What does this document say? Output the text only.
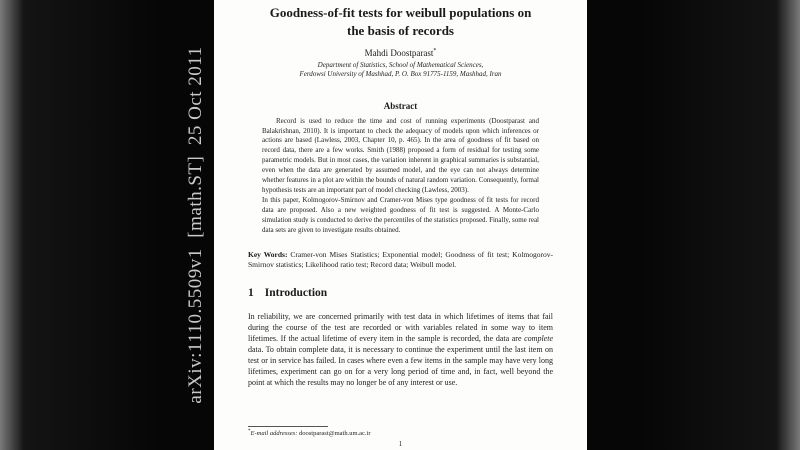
arXiv:1110.5509v1  [math.ST]  25 Oct 2011
Goodness-of-fit tests for weibull populations on
the basis of records
Mahdi Doostparast*
Department of Statistics, School of Mathematical Sciences,
Ferdowsi University of Mashhad, P. O. Box 91775-1159, Mashhad, Iran
Abstract

Record is used to reduce the time and cost of running experiments (Doostparast and Balakrishnan, 2010). It is important to check the adequacy of models upon which inferences or actions are based (Lawless, 2003, Chapter 10, p. 465). In the area of goodness of fit based on record data, there are a few works. Smith (1988) proposed a form of residual for testing some parametric models. But in most cases, the variation inherent in graphical summaries is substantial, even when the data are generated by assumed model, and the eye can not always determine whether features in a plot are within the bounds of natural random variation. Consequently, formal hypothesis tests are an important part of model checking (Lawless, 2003).

In this paper, Kolmogorov-Smirnov and Cramer-von Mises type goodness of fit tests for record data are proposed. Also a new weighted goodness of fit test is suggested. A Monte-Carlo simulation study is conducted to derive the percentiles of the statistics proposed. Finally, some real data sets are given to investigate results obtained.

Key Words: Cramer-von Mises Statistics; Exponential model; Goodness of fit test; Kolmogorov-Smirnov statistics; Likelihood ratio test; Record data; Weibull model.
1 Introduction
In reliability, we are concerned primarily with test data in which lifetimes of items that fail during the course of the test are recorded or with variables related in some way to item lifetimes. If the actual lifetime of every item in the sample is recorded, the data are complete data. To obtain complete data, it is necessary to continue the experiment until the last item on test or in service has failed. In cases where even a few items in the sample may have very long lifetimes, experiment can go on for a very long period of time and, in fact, well beyond the point at which the results may no longer be of any interest or use.
*E-mail addresses: doostparast@math.um.ac.ir
1
